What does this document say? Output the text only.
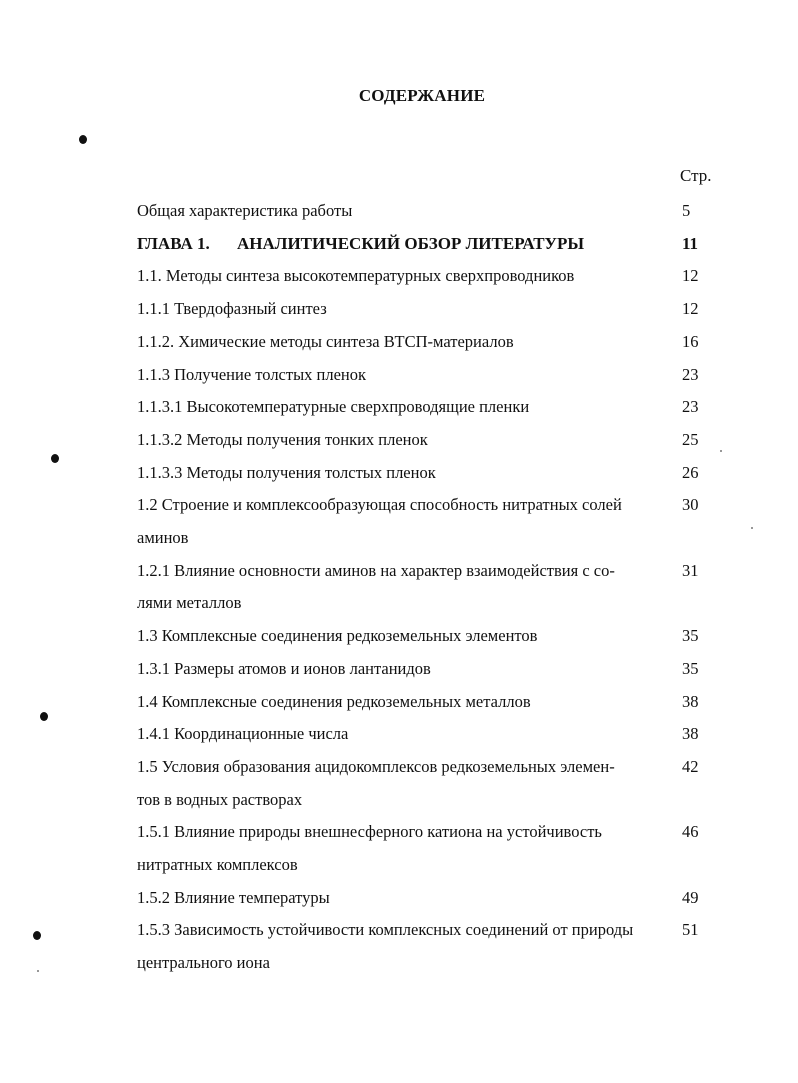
СОДЕРЖАНИЕ
Стр.
Общая характеристика работы	5
ГЛАВА 1. АНАЛИТИЧЕСКИЙ ОБЗОР ЛИТЕРАТУРЫ	11
1.1. Методы синтеза высокотемпературных сверхпроводников	12
1.1.1 Твердофазный синтез	12
1.1.2. Химические методы синтеза ВТСП-материалов	16
1.1.3 Получение толстых пленок	23
1.1.3.1 Высокотемпературные сверхпроводящие пленки	23
1.1.3.2 Методы получения тонких пленок	25
1.1.3.3 Методы получения толстых пленок	26
1.2 Строение и комплексообразующая способность нитратных солей	30
аминов
1.2.1 Влияние основности аминов на характер взаимодействия с со-	31
лями металлов
1.3 Комплексные соединения редкоземельных элементов	35
1.3.1 Размеры атомов и ионов лантанидов	35
1.4 Комплексные соединения редкоземельных металлов	38
1.4.1 Координационные числа	38
1.5 Условия образования ацидокомплексов редкоземельных элемен-	42
тов в водных растворах
1.5.1 Влияние природы внешнесферного катиона на устойчивость	46
нитратных комплексов
1.5.2 Влияние температуры	49
1.5.3 Зависимость устойчивости комплексных соединений от природы	51
центрального иона
